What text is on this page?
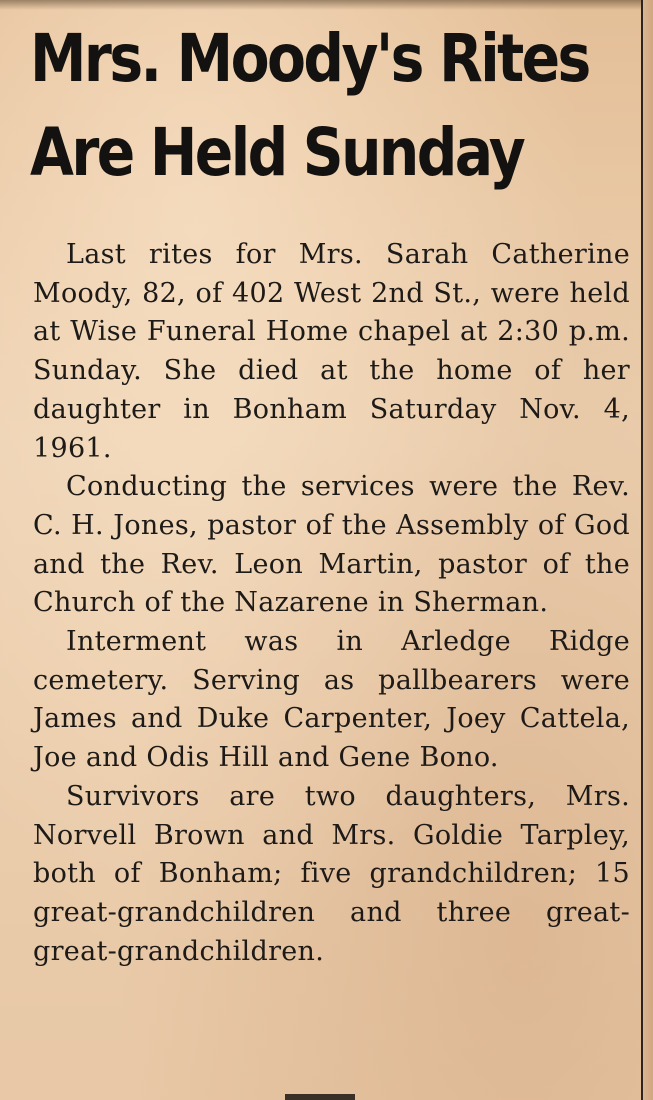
Mrs. Moody's Rites
Are Held Sunday

Last rites for Mrs. Sarah Catherine Moody, 82, of 402 West 2nd St., were held at Wise Funeral Home chapel at 2:30 p.m. Sunday. She died at the home of her daughter in Bonham Saturday Nov. 4, 1961.

Conducting the services were the Rev. C. H. Jones, pastor of the Assembly of God and the Rev. Leon Martin, pastor of the Church of the Nazarene in Sherman.

Interment was in Arledge Ridge cemetery. Serving as pallbearers were James and Duke Carpenter, Joey Cattela, Joe and Odis Hill and Gene Bono.

Survivors are two daughters, Mrs. Norvell Brown and Mrs. Goldie Tarpley, both of Bonham; five grandchildren; 15 great-grandchildren and three great-great-grandchildren.
